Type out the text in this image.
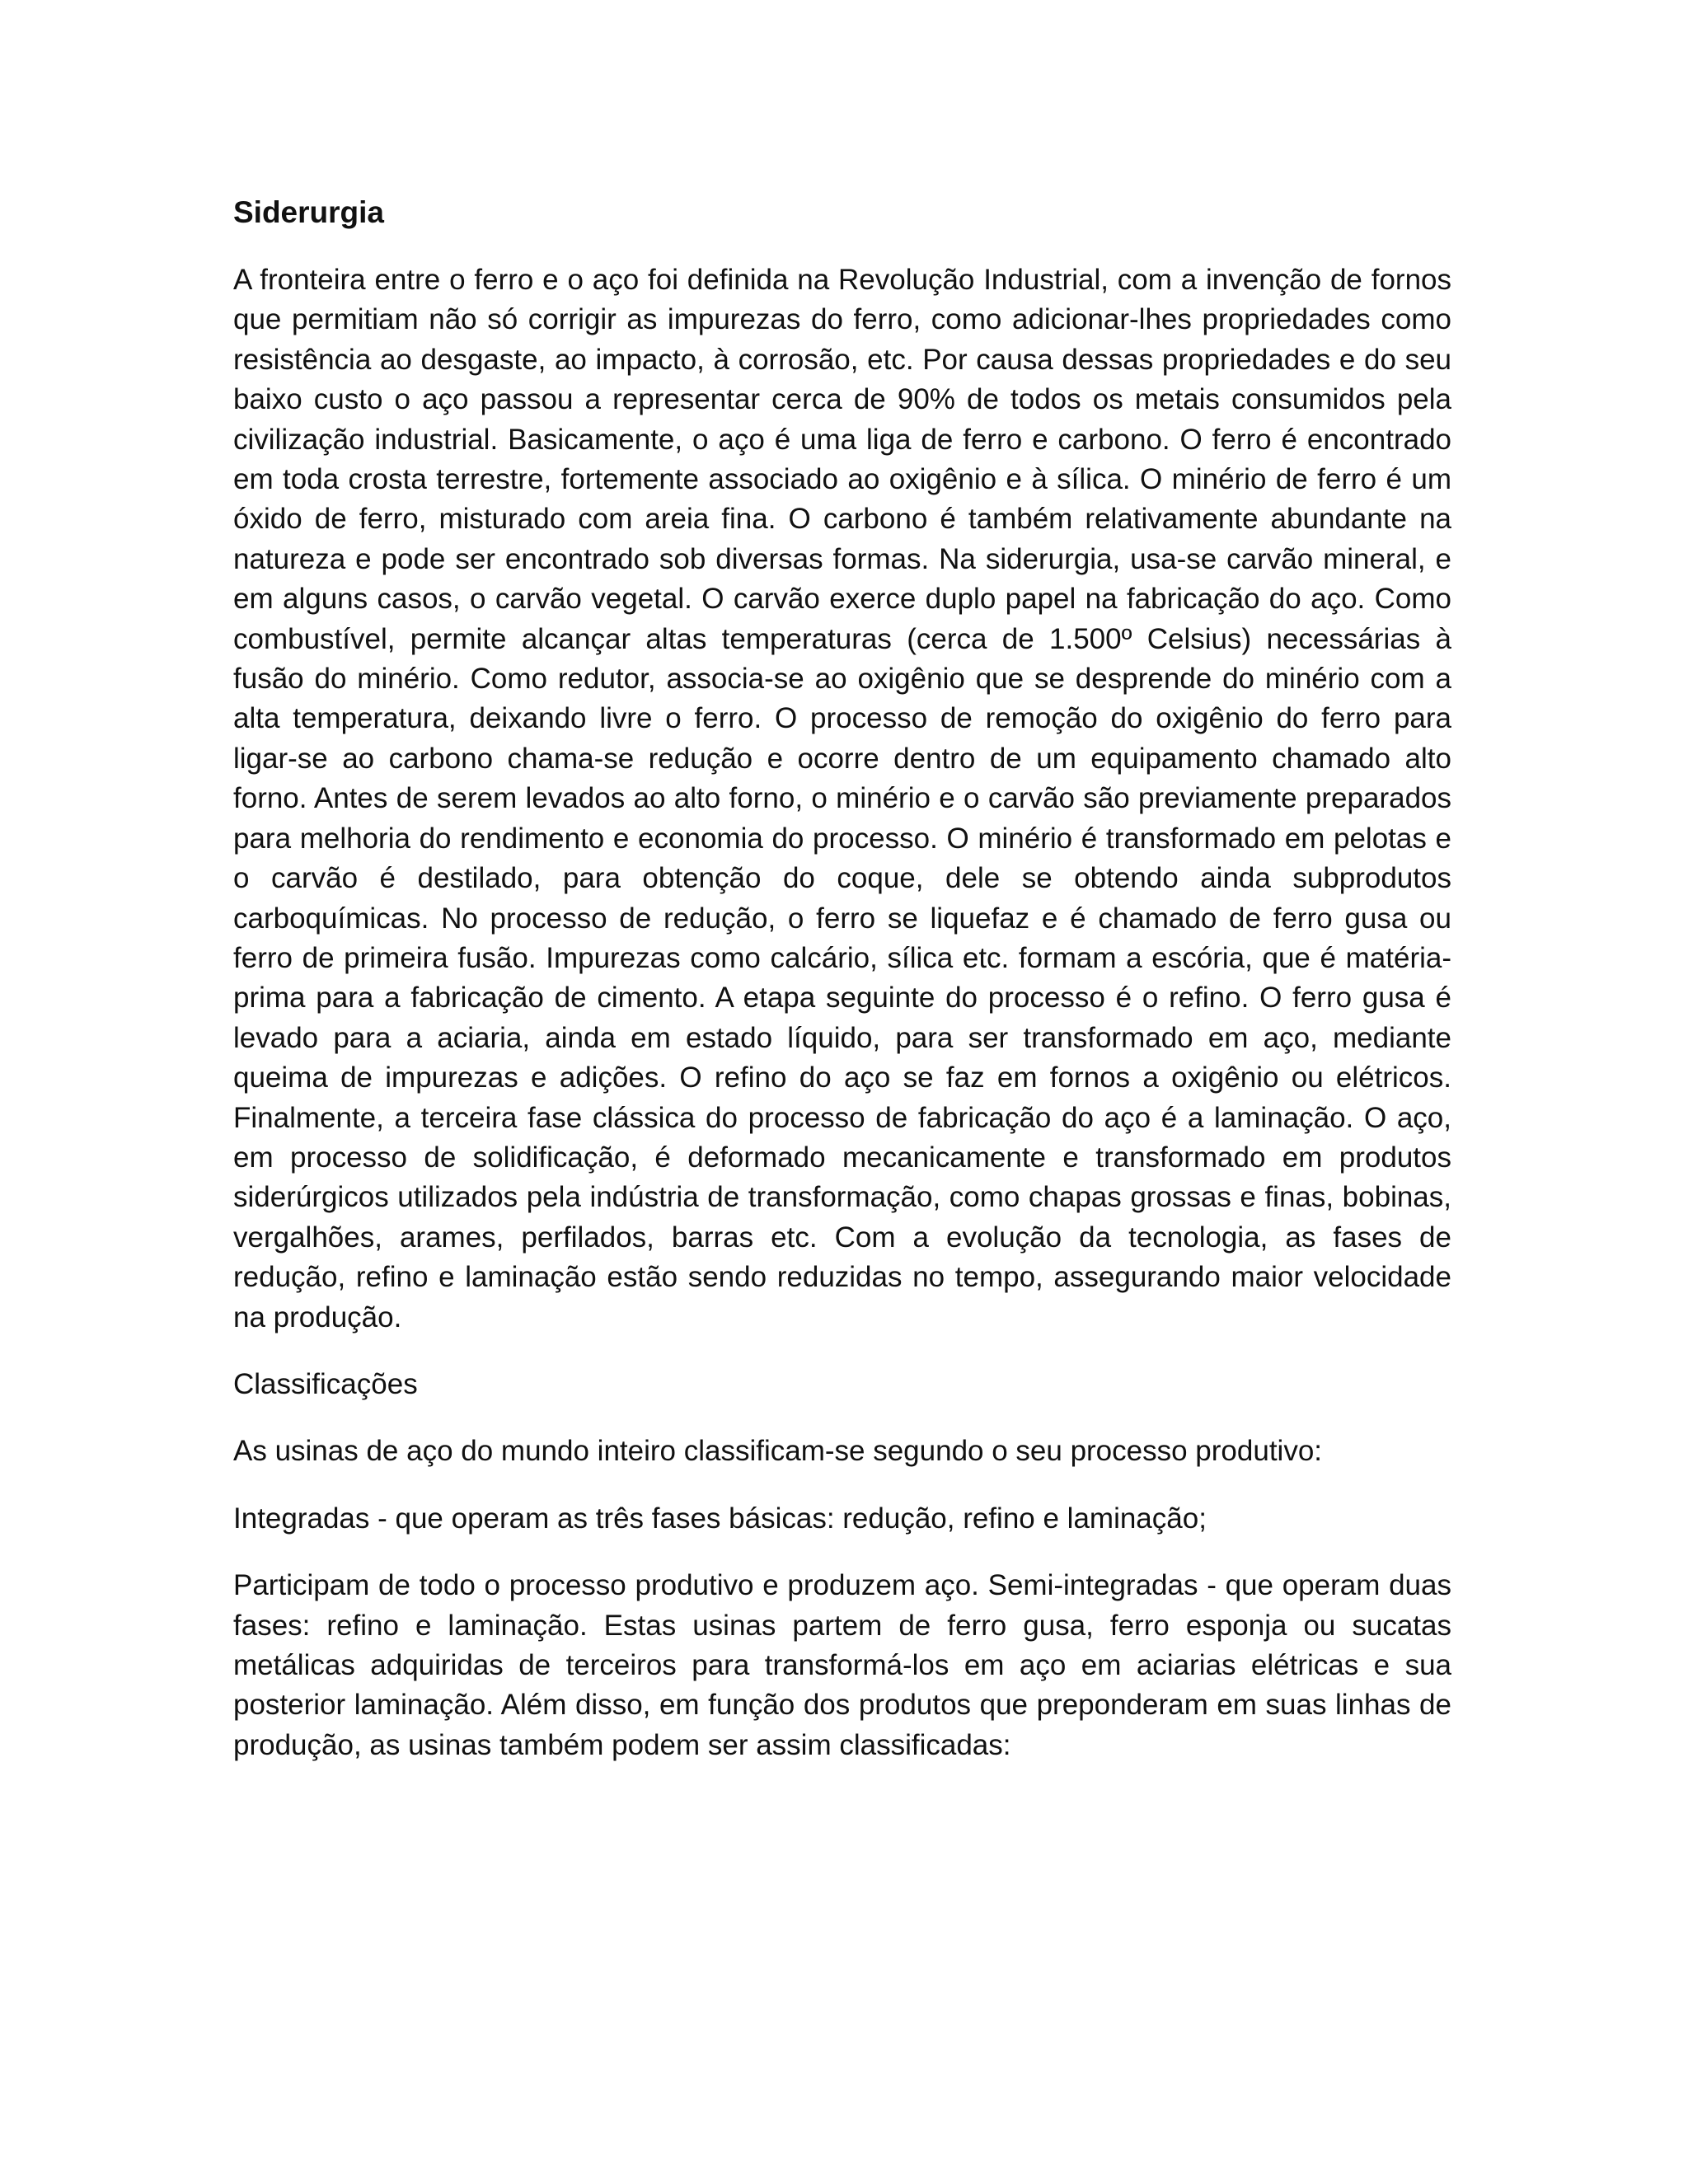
Siderurgia

A fronteira entre o ferro e o aço foi definida na Revolução Industrial, com a invenção de fornos que permitiam não só corrigir as impurezas do ferro, como adicionar-lhes propriedades como resistência ao desgaste, ao impacto, à corrosão, etc. Por causa dessas propriedades e do seu baixo custo o aço passou a representar cerca de 90% de todos os metais consumidos pela civilização industrial. Basicamente, o aço é uma liga de ferro e carbono. O ferro é encontrado em toda crosta terrestre, fortemente associado ao oxigênio e à sílica. O minério de ferro é um óxido de ferro, misturado com areia fina. O carbono é também relativamente abundante na natureza e pode ser encontrado sob diversas formas. Na siderurgia, usa-se carvão mineral, e em alguns casos, o carvão vegetal. O carvão exerce duplo papel na fabricação do aço. Como combustível, permite alcançar altas temperaturas (cerca de 1.500º Celsius) necessárias à fusão do minério. Como redutor, associa-se ao oxigênio que se desprende do minério com a alta temperatura, deixando livre o ferro. O processo de remoção do oxigênio do ferro para ligar-se ao carbono chama-se redução e ocorre dentro de um equipamento chamado alto forno. Antes de serem levados ao alto forno, o minério e o carvão são previamente preparados para melhoria do rendimento e economia do processo. O minério é transformado em pelotas e o carvão é destilado, para obtenção do coque, dele se obtendo ainda subprodutos carboquímicas. No processo de redução, o ferro se liquefaz e é chamado de ferro gusa ou ferro de primeira fusão. Impurezas como calcário, sílica etc. formam a escória, que é matéria-prima para a fabricação de cimento. A etapa seguinte do processo é o refino. O ferro gusa é levado para a aciaria, ainda em estado líquido, para ser transformado em aço, mediante queima de impurezas e adições. O refino do aço se faz em fornos a oxigênio ou elétricos. Finalmente, a terceira fase clássica do processo de fabricação do aço é a laminação. O aço, em processo de solidificação, é deformado mecanicamente e transformado em produtos siderúrgicos utilizados pela indústria de transformação, como chapas grossas e finas, bobinas, vergalhões, arames, perfilados, barras etc. Com a evolução da tecnologia, as fases de redução, refino e laminação estão sendo reduzidas no tempo, assegurando maior velocidade na produção.

Classificações

As usinas de aço do mundo inteiro classificam-se segundo o seu processo produtivo:

Integradas - que operam as três fases básicas: redução, refino e laminação;

Participam de todo o processo produtivo e produzem aço. Semi-integradas - que operam duas fases: refino e laminação. Estas usinas partem de ferro gusa, ferro esponja ou sucatas metálicas adquiridas de terceiros para transformá-los em aço em aciarias elétricas e sua posterior laminação. Além disso, em função dos produtos que preponderam em suas linhas de produção, as usinas também podem ser assim classificadas:
